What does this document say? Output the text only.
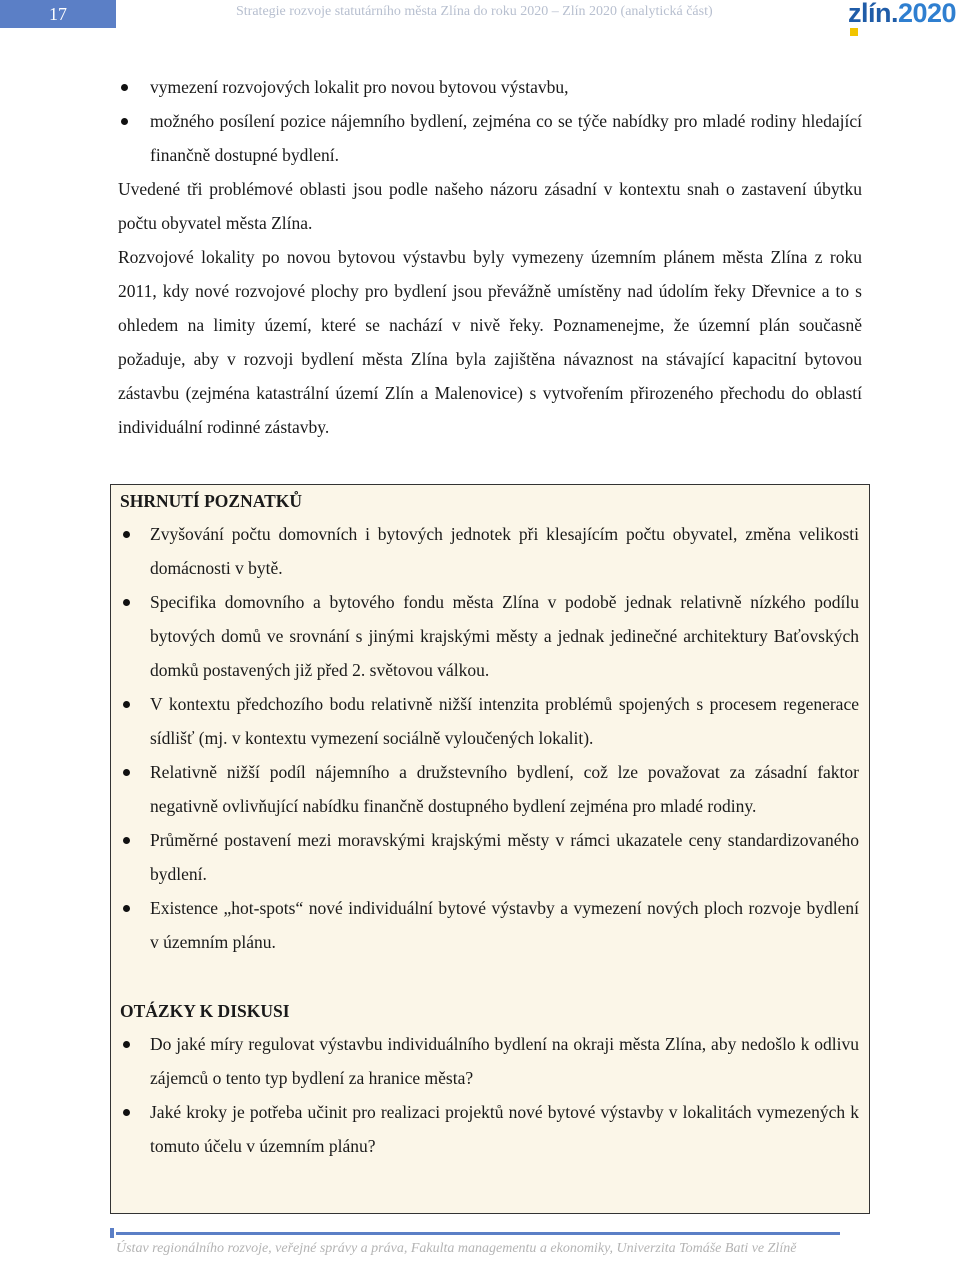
17	Strategie rozvoje statutárního města Zlína do roku 2020 – Zlín 2020 (analytická část)	zlín.2020
vymezení rozvojových lokalit pro novou bytovou výstavbu,
možného posílení pozice nájemního bydlení, zejména co se týče nabídky pro mladé rodiny hledající finančně dostupné bydlení.

Uvedené tři problémové oblasti jsou podle našeho názoru zásadní v kontextu snah o zastavení úbytku počtu obyvatel města Zlína.

Rozvojové lokality po novou bytovou výstavbu byly vymezeny územním plánem města Zlína z roku 2011, kdy nové rozvojové plochy pro bydlení jsou převážně umístěny nad údolím řeky Dřevnice a to s ohledem na limity území, které se nachází v nivě řeky. Poznamenejme, že územní plán současně požaduje, aby v rozvoji bydlení města Zlína byla zajištěna návaznost na stávající kapacitní bytovou zástavbu (zejména katastrální území Zlín a Malenovice) s vytvořením přirozeného přechodu do oblastí individuální rodinné zástavby.

SHRNUTÍ POZNATKŮ

Zvyšování počtu domovních i bytových jednotek při klesajícím počtu obyvatel, změna velikosti domácnosti v bytě.
Specifika domovního a bytového fondu města Zlína v podobě jednak relativně nízkého podílu bytových domů ve srovnání s jinými krajskými městy a jednak jedinečné architektury Baťovských domků postavených již před 2. světovou válkou.
V kontextu předchozího bodu relativně nižší intenzita problémů spojených s procesem regenerace sídlišť (mj. v kontextu vymezení sociálně vyloučených lokalit).
Relativně nižší podíl nájemního a družstevního bydlení, což lze považovat za zásadní faktor negativně ovlivňující nabídku finančně dostupného bydlení zejména pro mladé rodiny.
Průměrné postavení mezi moravskými krajskými městy v rámci ukazatele ceny standardizovaného bydlení.
Existence „hot-spots“ nové individuální bytové výstavby a vymezení nových ploch rozvoje bydlení v územním plánu.

OTÁZKY K DISKUSI

Do jaké míry regulovat výstavbu individuálního bydlení na okraji města Zlína, aby nedošlo k odlivu zájemců o tento typ bydlení za hranice města?
Jaké kroky je potřeba učinit pro realizaci projektů nové bytové výstavby v lokalitách vymezených k tomuto účelu v územním plánu?
Ústav regionálního rozvoje, veřejné správy a práva, Fakulta managementu a ekonomiky, Univerzita Tomáše Bati ve Zlíně
